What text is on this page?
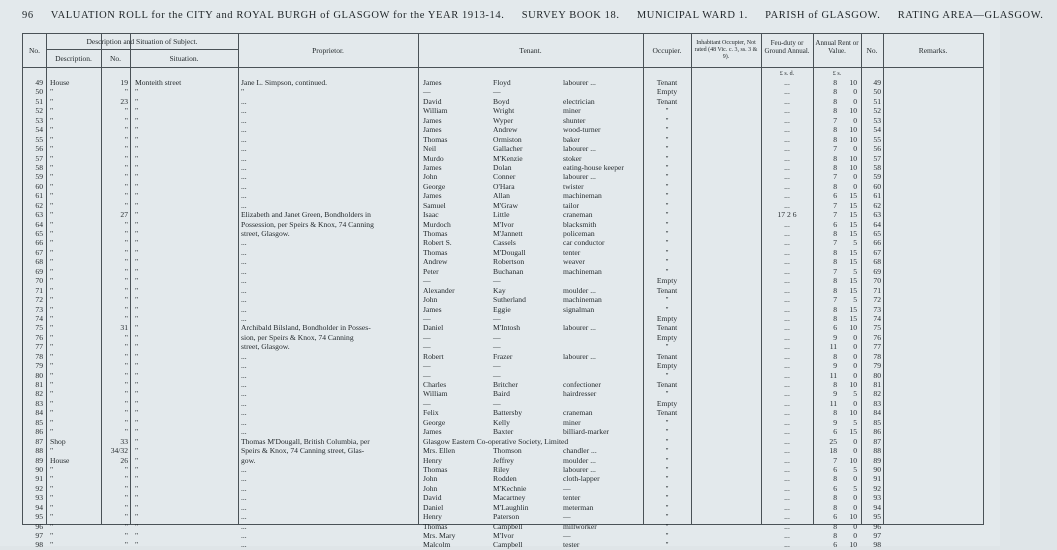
96 VALUATION ROLL for the CITY and ROYAL BURGH of GLASGOW for the YEAR 1913-14. SURVEY BOOK 18. MUNICIPAL WARD 1. PARISH of GLASGOW. RATING AREA—GLASGOW.
No.
Description and Situation of Subject.
Description.	No.	Situation.
Proprietor.	Tenant.	Occupier.
Inhabitant Occupier, Not rated (48 Vic. c. 3, ss. 3 & 9).
Feu-duty or Ground Annual.
Annual Rent or Value.	No.	Remarks.
£ s. d.	£ s.
49 House	19 Monteith street	Jane L. Simpson, continued.	James	Floyd	labourer ...	Tenant	...	8	10	49
50 "	" "	"	—	—	Empty	...	8	0	50
51 "	23 "	...	David	Boyd	electrician	Tenant	...	8	0	51
52 "	" "	...	William	Wright	miner	"	...	8	10	52
53 "	" "	...	James	Wyper	shunter	"	...	7	0	53
54 "	" "	...	James	Andrew	wood-turner	"	...	8	10	54
55 "	" "	...	Thomas	Ormiston	baker	"	...	8	10	55
56 "	" "	...	Neil	Gallacher	labourer ...	"	...	7	0	56
57 "	" "	...	Murdo	M'Kenzie	stoker	"	...	8	10	57
58 "	" "	...	James	Dolan	eating-house keeper	"	...	8	10	58
59 "	" "	...	John	Conner	labourer ...	"	...	7	0	59
60 "	" "	...	George	O'Hara	twister	"	...	8	0	60
61 "	" "	...	James	Allan	machineman	"	...	6	15	61
62 "	" "	...	Samuel	M'Graw	tailor	"	...	7	15	62
63 "	27 "	Elizabeth and Janet Green, Bondholders in	Isaac	Little	craneman	"	17 2 6	7	15	63
64 "	" "	Possession, per Speirs & Knox, 74 Canning	Murdoch	M'Ivor	blacksmith	"	...	6	15	64
65 "	" "	street, Glasgow.	Thomas	M'Jannett	policeman	"	...	8	15	65
66 "	" "	...	Robert S.	Cassels	car conductor	"	...	7	5	66
67 "	" "	...	Thomas	M'Dougall	tenter	"	...	8	15	67
68 "	" "	...	Andrew	Robertson	weaver	"	...	8	15	68
69 "	" "	...	Peter	Buchanan	machineman	"	...	7	5	69
70 "	" "	...	—	—	Empty	...	8	15	70
71 "	" "	...	Alexander	Kay	moulder ...	Tenant	...	8	15	71
72 "	" "	...	John	Sutherland	machineman	"	...	7	5	72
73 "	" "	...	James	Eggie	signalman	"	...	8	15	73
74 "	" "	...	—	—	Empty	...	8	15	74
75 "	31 "	Archibald Bilsland, Bondholder in Posses-	Daniel	M'Intosh	labourer ...	Tenant	...	6	10	75
76 "	" "	sion, per Speirs & Knox, 74 Canning	—	—	Empty	...	9	0	76
77 "	" "	street, Glasgow.	—	—	"	...	11	0	77
78 "	" "	...	Robert	Frazer	labourer ...	Tenant	...	8	0	78
79 "	" "	...	—	—	Empty	...	9	0	79
80 "	" "	...	—	—	"	...	11	0	80
81 "	" "	...	Charles	Britcher	confectioner	Tenant	...	8	10	81
82 "	" "	...	William	Baird	hairdresser	"	...	9	5	82
83 "	" "	...	—	—	Empty	...	11	0	83
84 "	" "	...	Felix	Battersby	craneman	Tenant	...	8	10	84
85 "	" "	...	George	Kelly	miner	"	...	9	5	85
86 "	" "	...	James	Baxter	billiard-marker	"	...	6	15	86
87 Shop	33 "	Thomas M'Dougall, British Columbia, per	Glasgow Eastern Co-operative Society, Limited	"	...	25	0	87
88 "	34/32 "	Speirs & Knox, 74 Canning street, Glas-	Mrs. Ellen	Thomson	chandler ...	"	...	18	0	88
89 House	26 "	gow.	Henry	Jeffrey	moulder ...	"	...	7	10	89
90 "	" "	...	Thomas	Riley	labourer ...	"	...	6	5	90
91 "	" "	...	John	Rodden	cloth-lapper	"	...	8	0	91
92 "	" "	...	John	M'Kechnie	—	"	...	6	5	92
93 "	" "	...	David	Macartney	tenter	"	...	8	0	93
94 "	" "	...	Daniel	M'Laughlin	meterman	"	...	8	0	94
95 "	" "	...	Henry	Paterson	—	"	...	6	10	95
96 "	" "	...	Thomas	Campbell	millworker	"	...	8	0	96
97 "	" "	...	Mrs. Mary	M'Ivor	—	"	...	8	0	97
98 "	" "	...	Malcolm	Campbell	tester	"	...	6	10	98
